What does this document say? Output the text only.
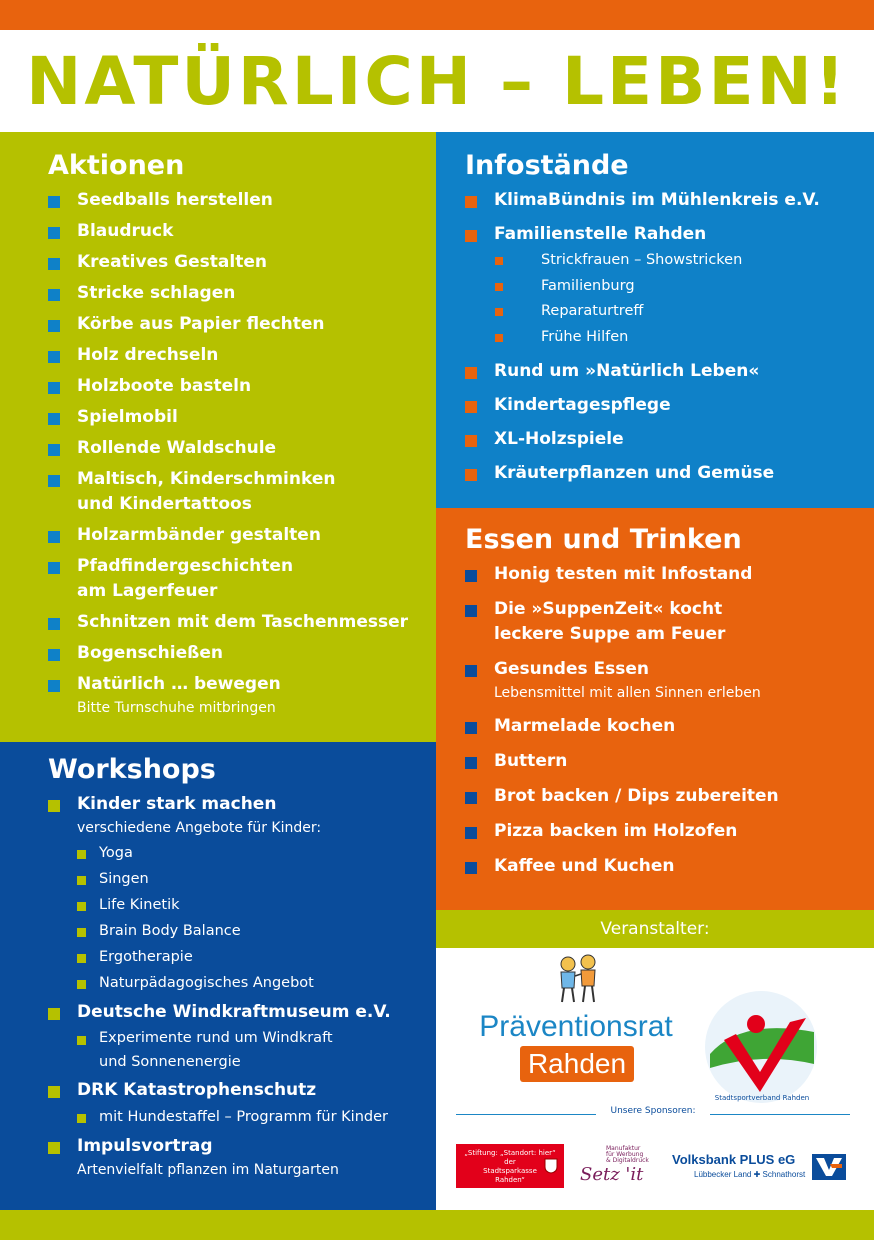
NATÜRLICH – LEBEN!
Aktionen
Seedballs herstellen
Blaudruck
Kreatives Gestalten
Stricke schlagen
Körbe aus Papier flechten
Holz drechseln
Holzboote basteln
Spielmobil
Rollende Waldschule
Maltisch, Kinderschminken
und Kindertattoos
Holzarmbänder gestalten
Pfadfindergeschichten
am Lagerfeuer
Schnitzen mit dem Taschenmesser
Bogenschießen
Natürlich … bewegen
Bitte Turnschuhe mitbringen
Infostände
KlimaBündnis im Mühlenkreis e.V.
Familienstelle Rahden
Strickfrauen – Showstricken
Familienburg
Reparaturtreff
Frühe Hilfen
Rund um »Natürlich Leben«
Kindertagespflege
XL-Holzspiele
Kräuterpflanzen und Gemüse
Essen und Trinken
Honig testen mit Infostand
Die »SuppenZeit« kocht
leckere Suppe am Feuer
Gesundes Essen
Lebensmittel mit allen Sinnen erleben
Marmelade kochen
Buttern
Brot backen / Dips zubereiten
Pizza backen im Holzofen
Kaffee und Kuchen
Workshops
Kinder stark machen
verschiedene Angebote für Kinder:
Yoga
Singen
Life Kinetik
Brain Body Balance
Ergotherapie
Naturpädagogisches Angebot
Deutsche Windkraftmuseum e.V.
Experimente rund um Windkraft
und Sonnenenergie
DRK Katastrophenschutz
mit Hundestaffel – Programm für Kinder
Impulsvortrag
Artenvielfalt pflanzen im Naturgarten
Veranstalter:
Präventionsrat
Rahden
Stadtsportverband Rahden
Unsere Sponsoren:
„Stiftung: „Standort: hier“
der
Stadtsparkasse
Rahden“
Manufaktur
für Werbung
& Digitaldruck
Setz 'it
Volksbank PLUS eG
Lübbecker Land ✚ Schnathorst
